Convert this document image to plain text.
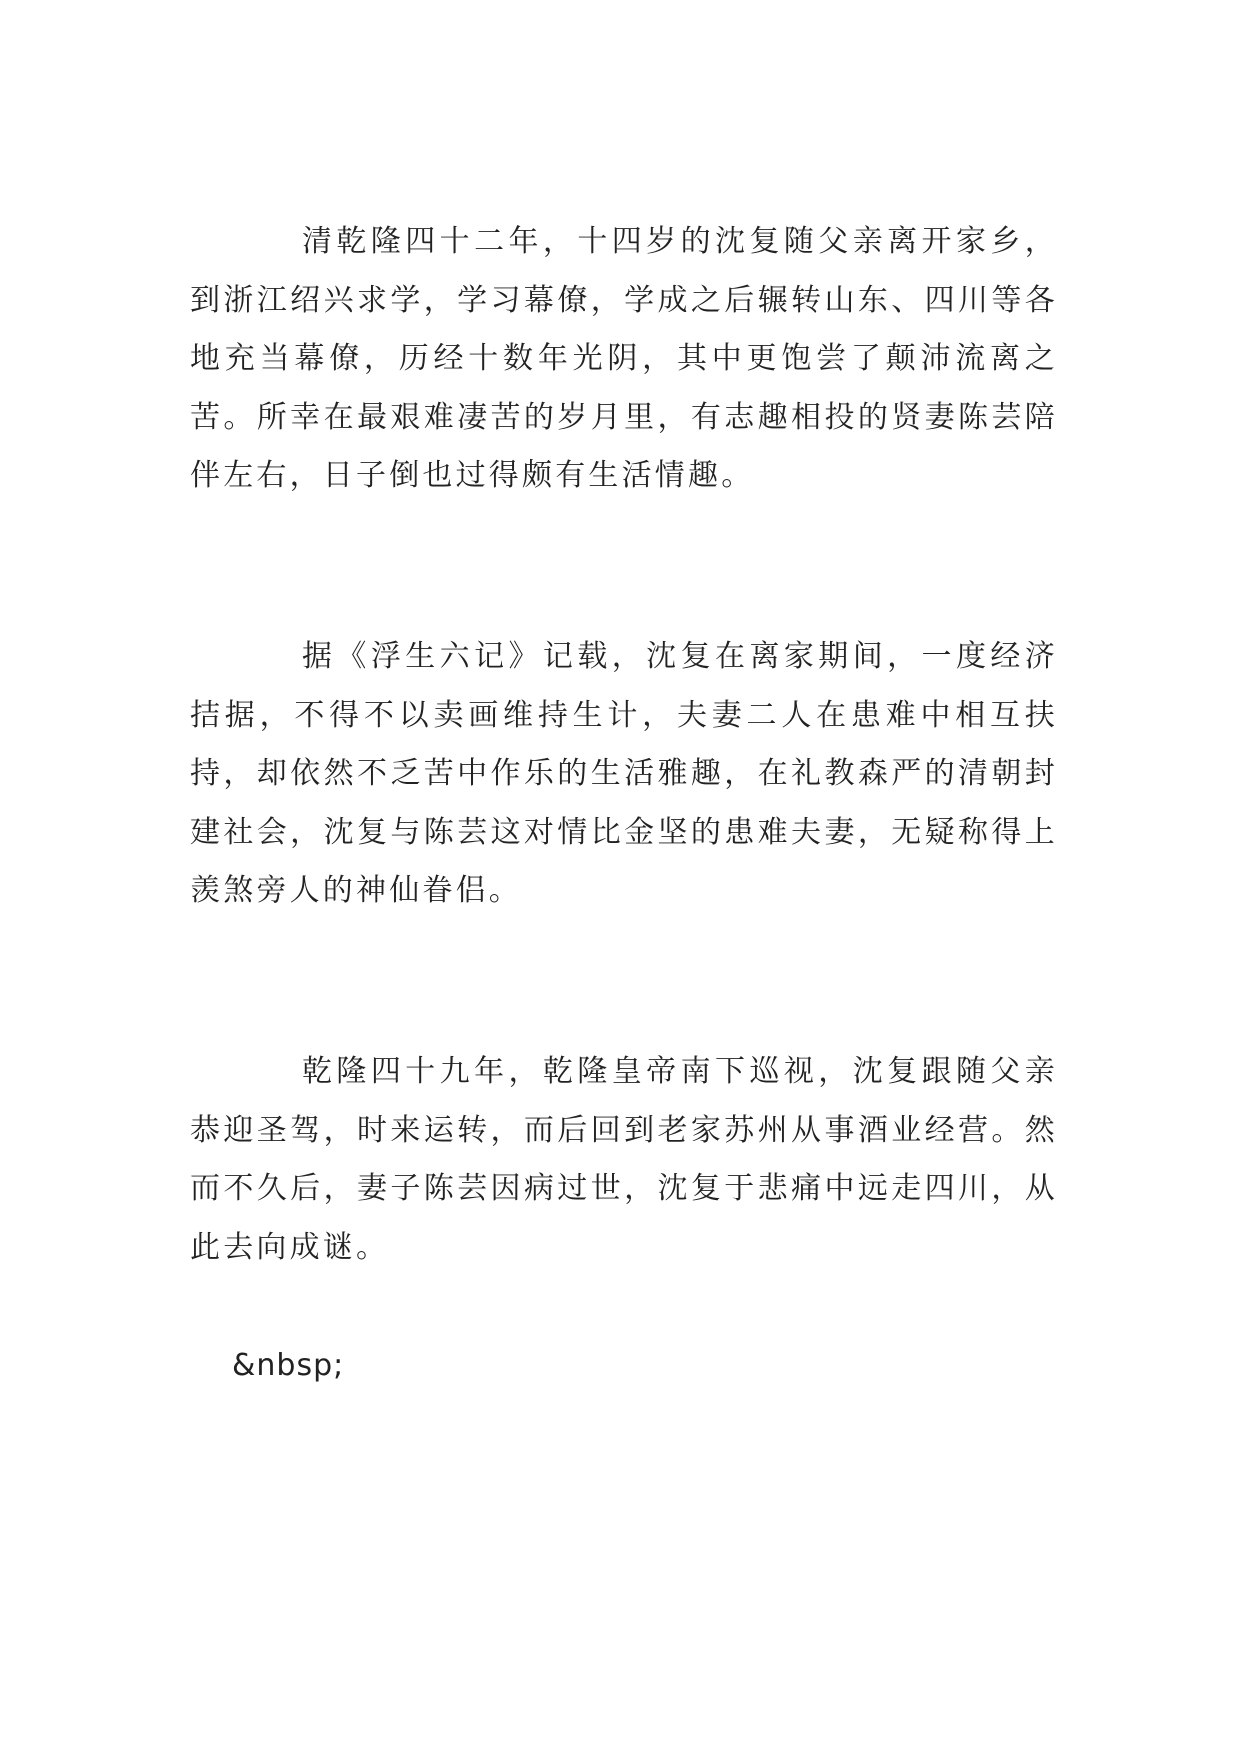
清乾隆四十二年，十四岁的沈复随父亲离开家乡，到浙江绍兴求学，学习幕僚，学成之后辗转山东、四川等各地充当幕僚，历经十数年光阴，其中更饱尝了颠沛流离之苦。所幸在最艰难凄苦的岁月里，有志趣相投的贤妻陈芸陪伴左右，日子倒也过得颇有生活情趣。

据《浮生六记》记载，沈复在离家期间，一度经济拮据，不得不以卖画维持生计，夫妻二人在患难中相互扶持，却依然不乏苦中作乐的生活雅趣，在礼教森严的清朝封建社会，沈复与陈芸这对情比金坚的患难夫妻，无疑称得上羡煞旁人的神仙眷侣。

乾隆四十九年，乾隆皇帝南下巡视，沈复跟随父亲恭迎圣驾，时来运转，而后回到老家苏州从事酒业经营。然而不久后，妻子陈芸因病过世，沈复于悲痛中远走四川，从此去向成谜。

&nbsp;
